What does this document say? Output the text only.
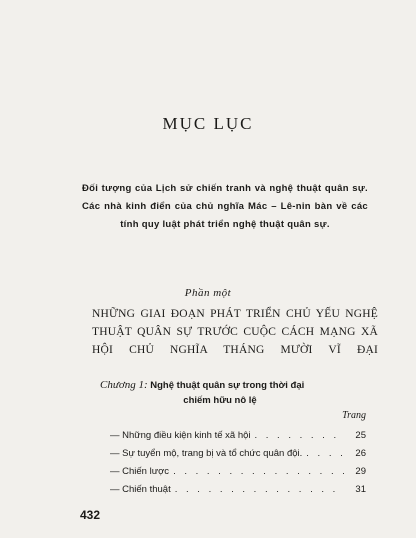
MỤC LỤC
Đối tượng của Lịch sử chiến tranh và nghệ thuật quân sự. Các nhà kinh điển của chủ nghĩa Mác – Lê-nin bàn về các tính quy luật phát triển nghệ thuật quân sự.
Phần một
NHỮNG GIAI ĐOẠN PHÁT TRIỂN CHỦ YẾU NGHỆ THUẬT QUÂN SỰ TRƯỚC CUỘC CÁCH MẠNG XÃ HỘI CHỦ NGHĨA THÁNG MƯỜI VĨ ĐẠI
Chương 1: Nghệ thuật quân sự trong thời đại
chiếm hữu nô lệ
Trang
— Những điều kiện kinh tế xã hội . . .	25
— Sự tuyển mộ, trang bị và tổ chức quân đội. . . .	26
— Chiến lược . . .	29
— Chiến thuật . . .	31
432
